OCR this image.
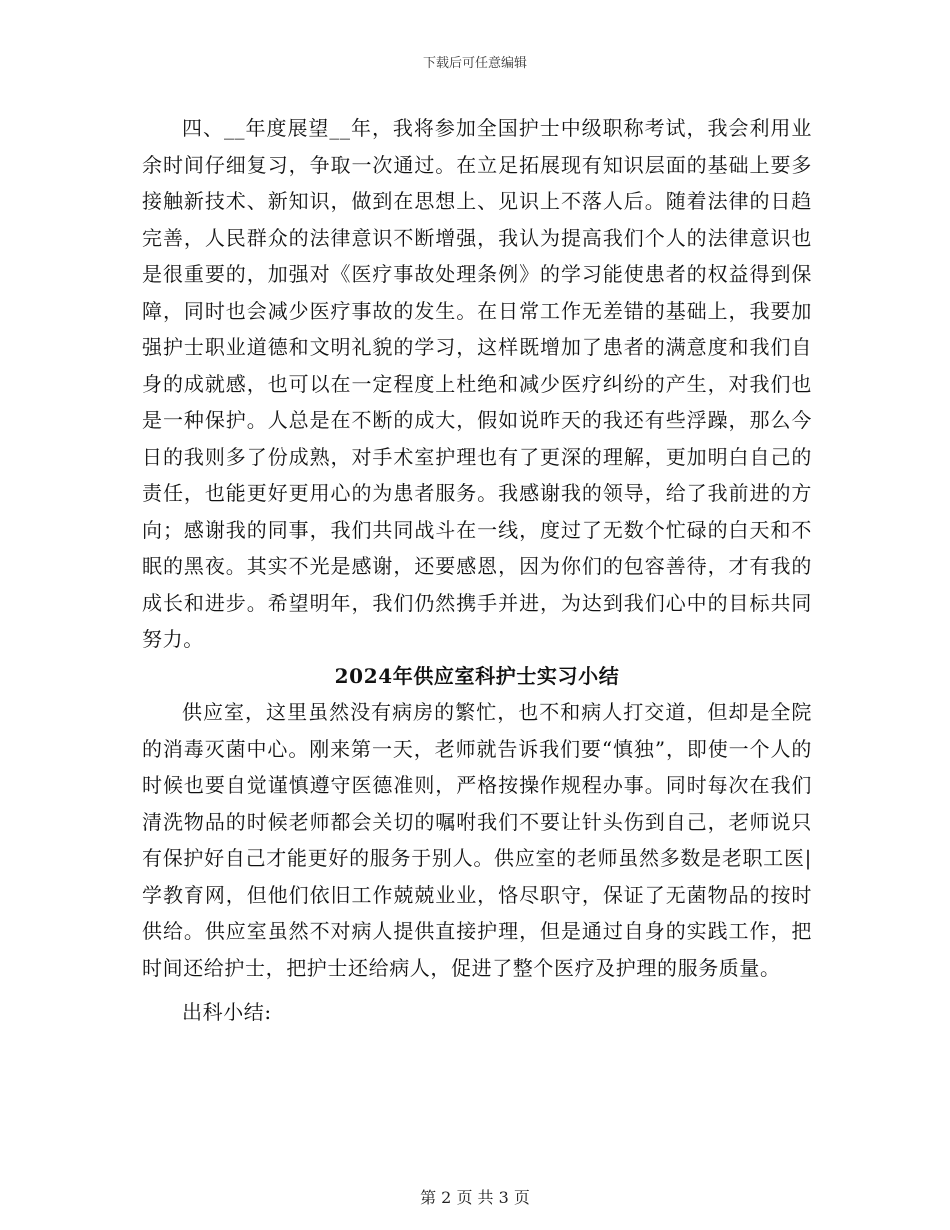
下载后可任意编辑

四、__年度展望__年，我将参加全国护士中级职称考试，我会利用业余时间仔细复习，争取一次通过。在立足拓展现有知识层面的基础上要多接触新技术、新知识，做到在思想上、见识上不落人后。随着法律的日趋完善，人民群众的法律意识不断增强，我认为提高我们个人的法律意识也是很重要的，加强对《医疗事故处理条例》的学习能使患者的权益得到保障，同时也会减少医疗事故的发生。在日常工作无差错的基础上，我要加强护士职业道德和文明礼貌的学习，这样既增加了患者的满意度和我们自身的成就感，也可以在一定程度上杜绝和减少医疗纠纷的产生，对我们也是一种保护。人总是在不断的成大，假如说昨天的我还有些浮躁，那么今日的我则多了份成熟，对手术室护理也有了更深的理解，更加明白自己的责任，也能更好更用心的为患者服务。我感谢我的领导，给了我前进的方向；感谢我的同事，我们共同战斗在一线，度过了无数个忙碌的白天和不眠的黑夜。其实不光是感谢，还要感恩，因为你们的包容善待，才有我的成长和进步。希望明年，我们仍然携手并进，为达到我们心中的目标共同努力。

2024年供应室科护士实习小结

供应室，这里虽然没有病房的繁忙，也不和病人打交道，但却是全院的消毒灭菌中心。刚来第一天，老师就告诉我们要“慎独”，即使一个人的时候也要自觉谨慎遵守医德准则，严格按操作规程办事。同时每次在我们清洗物品的时候老师都会关切的嘱咐我们不要让针头伤到自己，老师说只有保护好自己才能更好的服务于别人。供应室的老师虽然多数是老职工医|学教育网，但他们依旧工作兢兢业业，恪尽职守，保证了无菌物品的按时供给。供应室虽然不对病人提供直接护理，但是通过自身的实践工作，把时间还给护士，把护士还给病人，促进了整个医疗及护理的服务质量。

出科小结:

第 2 页 共 3 页
